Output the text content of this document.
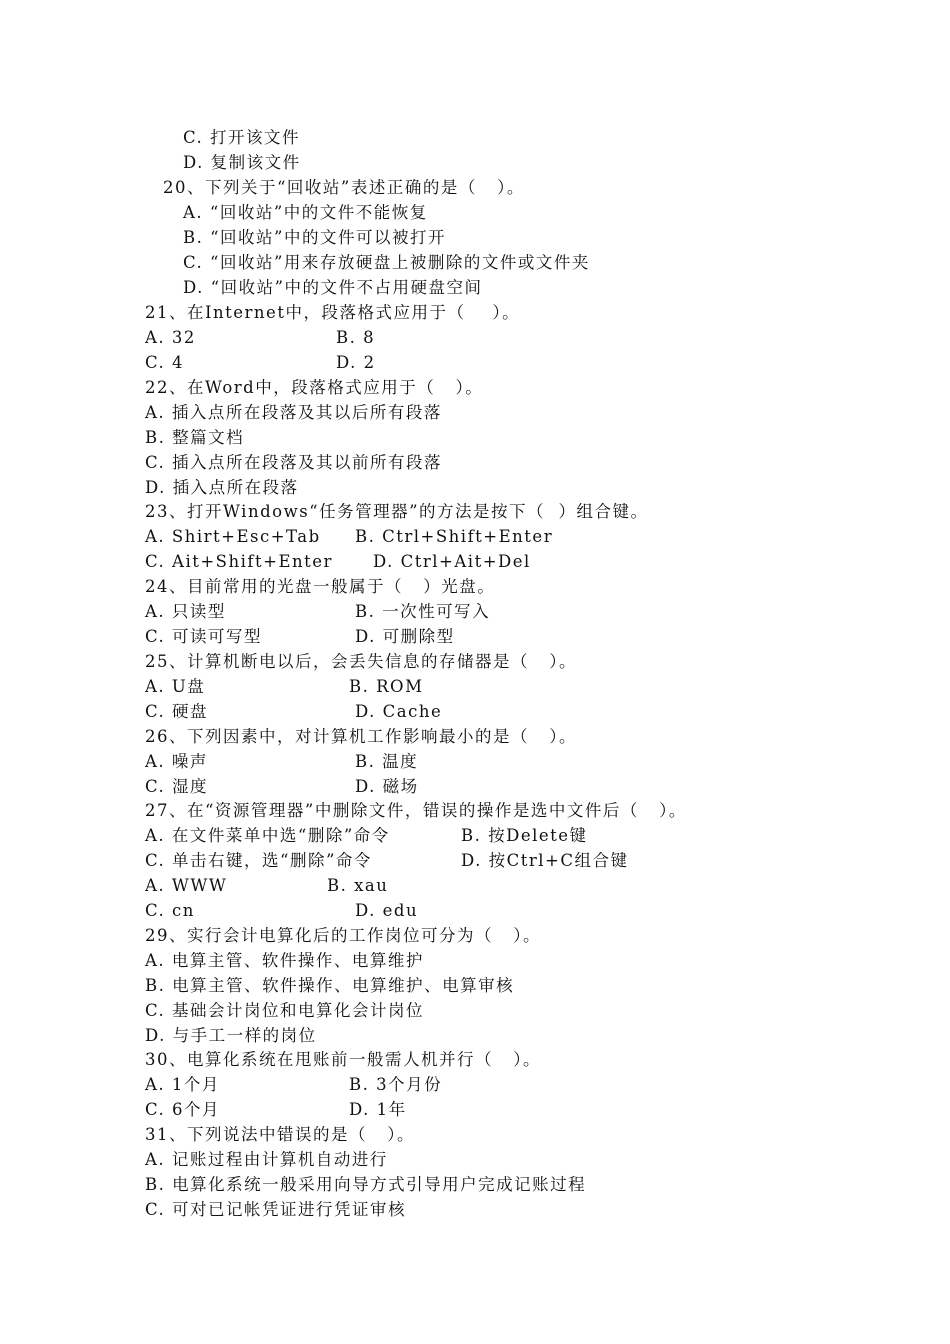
C. 打开该文件
D. 复制该文件
20、下列关于“回收站”表述正确的是（   ）。
A. “回收站”中的文件不能恢复
B. “回收站”中的文件可以被打开
C. “回收站”用来存放硬盘上被删除的文件或文件夹
D. “回收站”中的文件不占用硬盘空间
21、在Internet中，段落格式应用于（    ）。
A. 32	B. 8
C. 4	D. 2
22、在Word中，段落格式应用于（   ）。
A. 插入点所在段落及其以后所有段落
B. 整篇文档
C. 插入点所在段落及其以前所有段落
D. 插入点所在段落
23、打开Windows“任务管理器”的方法是按下（  ）组合键。
A. Shirt+Esc+Tab B. Ctrl+Shift+Enter
C. Ait+Shift+Enter D. Ctrl+Ait+Del
24、目前常用的光盘一般属于（   ）光盘。
A. 只读型	B. 一次性可写入
C. 可读可写型	D. 可删除型
25、计算机断电以后，会丢失信息的存储器是（   ）。
A. U盘	B. ROM
C. 硬盘	D. Cache
26、下列因素中，对计算机工作影响最小的是（   ）。
A. 噪声	B. 温度
C. 湿度	D. 磁场
27、在“资源管理器”中删除文件，错误的操作是选中文件后（   ）。
A. 在文件菜单中选“删除”命令	B. 按Delete键
C. 单击右键，选“删除”命令	D. 按Ctrl+C组合键
A. WWW	B. xau
C. cn	D. edu
29、实行会计电算化后的工作岗位可分为（   ）。
A. 电算主管、软件操作、电算维护
B. 电算主管、软件操作、电算维护、电算审核
C. 基础会计岗位和电算化会计岗位
D. 与手工一样的岗位
30、电算化系统在甩账前一般需人机并行（   ）。
A. 1个月	B. 3个月份
C. 6个月	D. 1年
31、下列说法中错误的是（   ）。
A. 记账过程由计算机自动进行
B. 电算化系统一般采用向导方式引导用户完成记账过程
C. 可对已记帐凭证进行凭证审核
